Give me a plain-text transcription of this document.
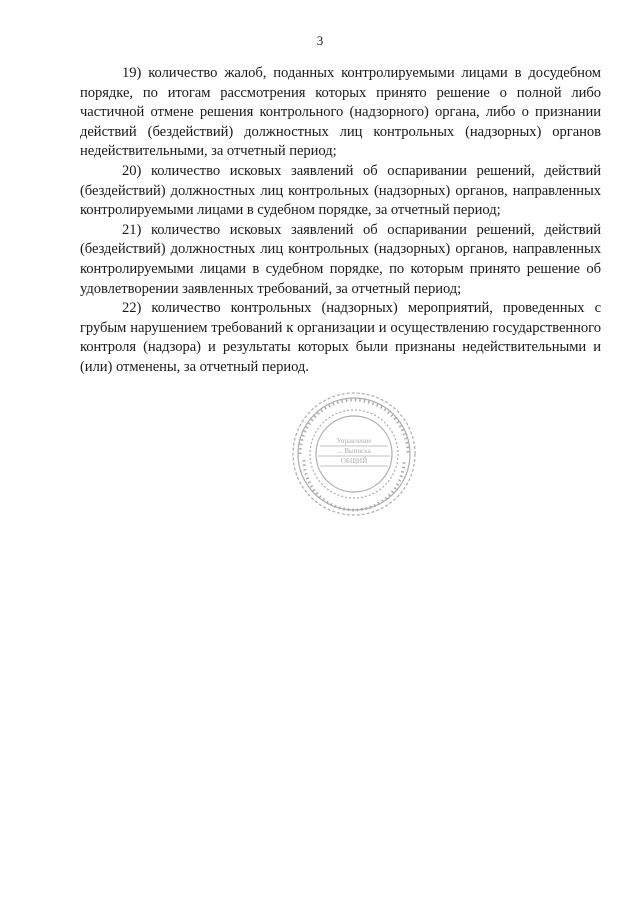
3

19) количество жалоб, поданных контролируемыми лицами в досудебном порядке, по итогам рассмотрения которых принято решение о полной либо частичной отмене решения контрольного (надзорного) органа, либо о признании действий (бездействий) должностных лиц контрольных (надзорных) органов недействительными, за отчетный период;

20) количество исковых заявлений об оспаривании решений, действий (бездействий) должностных лиц контрольных (надзорных) органов, направленных контролируемыми лицами в судебном порядке, за отчетный период;

21) количество исковых заявлений об оспаривании решений, действий (бездействий) должностных лиц контрольных (надзорных) органов, направленных контролируемыми лицами в судебном порядке, по которым принято решение об удовлетворении заявленных требований, за отчетный период;

22) количество контрольных (надзорных) мероприятий, проведенных с грубым нарушением требований к организации и осуществлению государственного контроля (надзора) и результаты которых были признаны недействительными и (или) отменены, за отчетный период.

Управление
... Выписка
ОБЩИЙ
